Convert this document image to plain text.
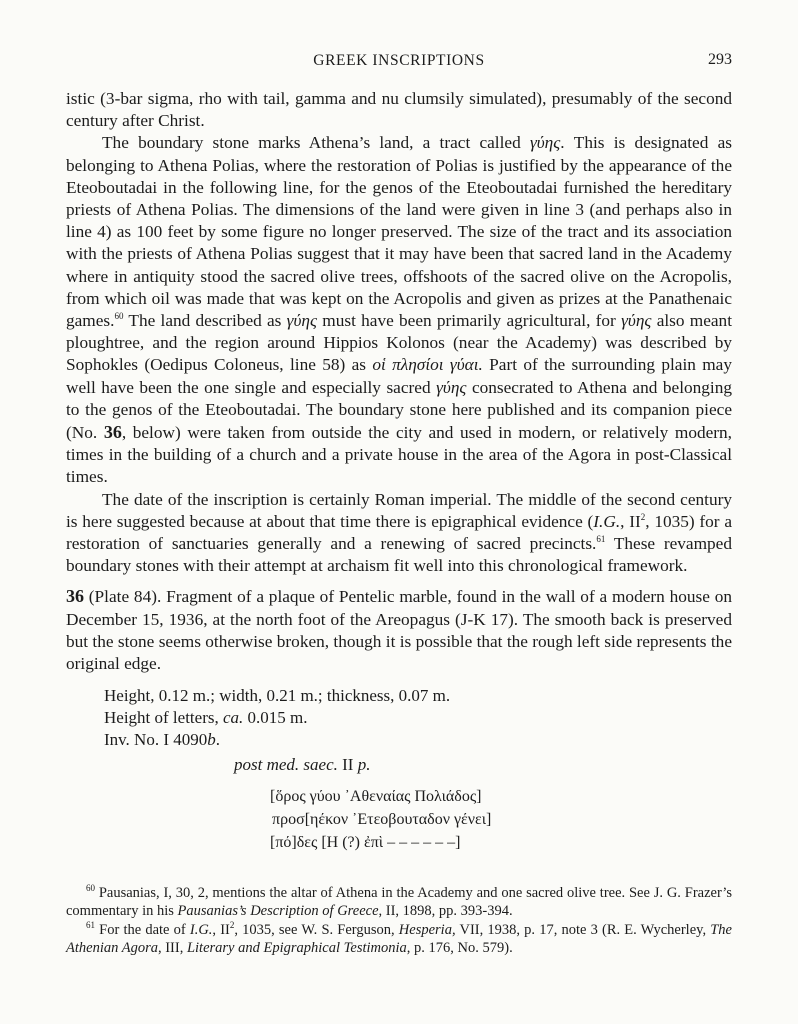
GREEK INSCRIPTIONS	293

istic (3-bar sigma, rho with tail, gamma and nu clumsily simulated), presumably of the second century after Christ.

The boundary stone marks Athena’s land, a tract called γύης. This is designated as belonging to Athena Polias, where the restoration of Polias is justified by the appearance of the Eteoboutadai in the following line, for the genos of the Eteoboutadai furnished the hereditary priests of Athena Polias. The dimensions of the land were given in line 3 (and perhaps also in line 4) as 100 feet by some figure no longer preserved. The size of the tract and its association with the priests of Athena Polias suggest that it may have been that sacred land in the Academy where in antiquity stood the sacred olive trees, offshoots of the sacred olive on the Acropolis, from which oil was made that was kept on the Acropolis and given as prizes at the Panathenaic games.$^{60}$ The land described as γύης must have been primarily agricultural, for γύης also meant ploughtree, and the region around Hippios Kolonos (near the Academy) was described by Sophokles (Oedipus Coloneus, line 58) as οἱ πλησίοι γύαι. Part of the surrounding plain may well have been the one single and especially sacred γύης consecrated to Athena and belonging to the genos of the Eteoboutadai. The boundary stone here published and its companion piece (No. 36, below) were taken from outside the city and used in modern, or relatively modern, times in the building of a church and a private house in the area of the Agora in post-Classical times.

The date of the inscription is certainly Roman imperial. The middle of the second century is here suggested because at about that time there is epigraphical evidence (I.G., $II^2$, 1035) for a restoration of sanctuaries generally and a renewing of sacred precincts.$^{61}$ These revamped boundary stones with their attempt at archaism fit well into this chronological framework.

36 (Plate 84). Fragment of a plaque of Pentelic marble, found in the wall of a modern house on December 15, 1936, at the north foot of the Areopagus (J-K 17). The smooth back is preserved but the stone seems otherwise broken, though it is possible that the rough left side represents the original edge.

Height, 0.12 m.; width, 0.21 m.; thickness, 0.07 m.
Height of letters, ca. 0.015 m.
Inv. No. I 4090b.
post med. saec. II p.
[ὅρος γύου ᾿Αθεναίας Πολιάδος]
προσ[ηέκον ᾿Ετεοβουταδον γένει]
[πό]δες [Η (?) ἐπὶ – – – – – –]

$^{60}$ Pausanias, I, 30, 2, mentions the altar of Athena in the Academy and one sacred olive tree. See J. G. Frazer’s commentary in his Pausanias’s Description of Greece, II, 1898, pp. 393-394.

$^{61}$ For the date of I.G., $II^2$, 1035, see W. S. Ferguson, Hesperia, VII, 1938, p. 17, note 3 (R. E. Wycherley, The Athenian Agora, III, Literary and Epigraphical Testimonia, p. 176, No. 579).
